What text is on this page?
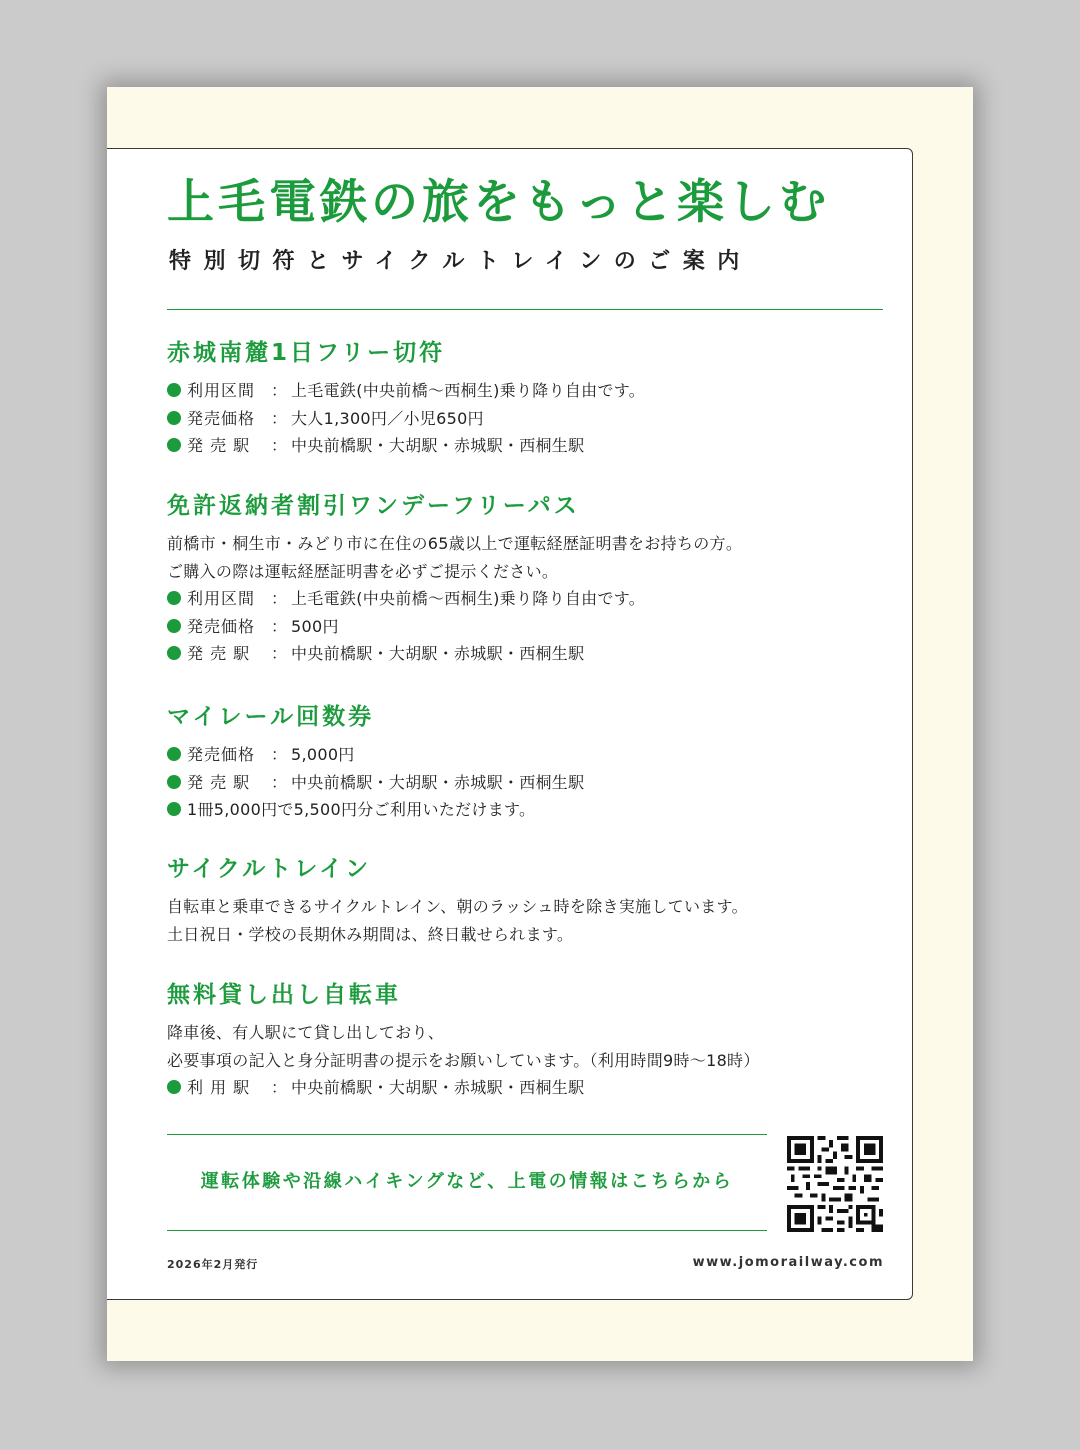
上毛電鉄の旅をもっと楽しむ
特別切符とサイクルトレインのご案内
赤城南麓1日フリー切符
利用区間 ： 上毛電鉄(中央前橋～西桐生)乗り降り自由です。
発売価格 ： 大人1,300円／小児650円
発 売 駅 ： 中央前橋駅・大胡駅・赤城駅・西桐生駅
免許返納者割引ワンデーフリーパス
前橋市・桐生市・みどり市に在住の65歳以上で運転経歴証明書をお持ちの方。
ご購入の際は運転経歴証明書を必ずご提示ください。
利用区間 ： 上毛電鉄(中央前橋～西桐生)乗り降り自由です。
発売価格 ： 500円
発 売 駅 ： 中央前橋駅・大胡駅・赤城駅・西桐生駅
マイレール回数券
発売価格 ： 5,000円
発 売 駅 ： 中央前橋駅・大胡駅・赤城駅・西桐生駅
1冊5,000円で5,500円分ご利用いただけます。
サイクルトレイン
自転車と乗車できるサイクルトレイン、朝のラッシュ時を除き実施しています。
土日祝日・学校の長期休み期間は、終日載せられます。
無料貸し出し自転車
降車後、有人駅にて貸し出しており、
必要事項の記入と身分証明書の提示をお願いしています。（利用時間9時～18時）
利 用 駅 ： 中央前橋駅・大胡駅・赤城駅・西桐生駅
運転体験や沿線ハイキングなど、上電の情報はこちらから
2026年2月発行	www.jomorailway.com
